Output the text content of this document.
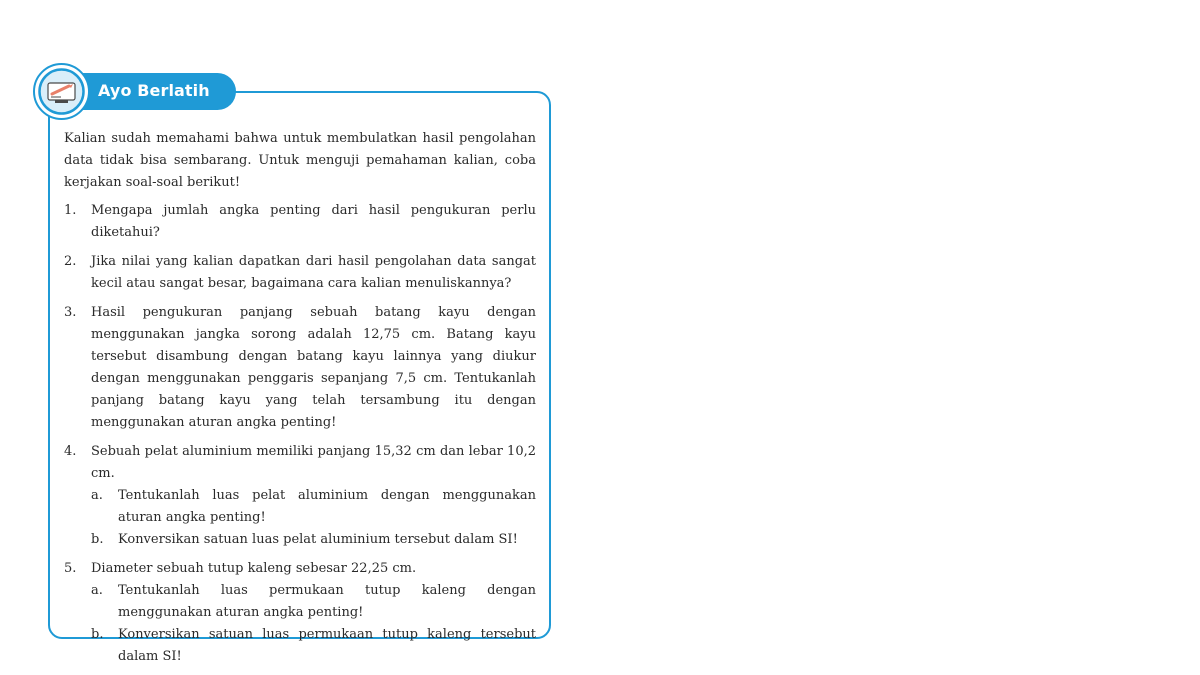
Ayo Berlatih

Kalian sudah memahami bahwa untuk membulatkan hasil pengolahan data tidak bisa sembarang. Untuk menguji pemahaman kalian, coba kerjakan soal-soal berikut!

1. Mengapa jumlah angka penting dari hasil pengukuran perlu diketahui?
2. Jika nilai yang kalian dapatkan dari hasil pengolahan data sangat kecil atau sangat besar, bagaimana cara kalian menuliskannya?
3. Hasil pengukuran panjang sebuah batang kayu dengan menggunakan jangka sorong adalah 12,75 cm. Batang kayu tersebut disambung dengan batang kayu lainnya yang diukur dengan menggunakan penggaris sepanjang 7,5 cm. Tentukanlah panjang batang kayu yang telah tersambung itu dengan menggunakan aturan angka penting!
4. Sebuah pelat aluminium memiliki panjang 15,32 cm dan lebar 10,2 cm.
a. Tentukanlah luas pelat aluminium dengan menggunakan aturan angka penting!
b. Konversikan satuan luas pelat aluminium tersebut dalam SI!
5. Diameter sebuah tutup kaleng sebesar 22,25 cm.
a. Tentukanlah luas permukaan tutup kaleng dengan menggunakan aturan angka penting!
b. Konversikan satuan luas permukaan tutup kaleng tersebut dalam SI!
